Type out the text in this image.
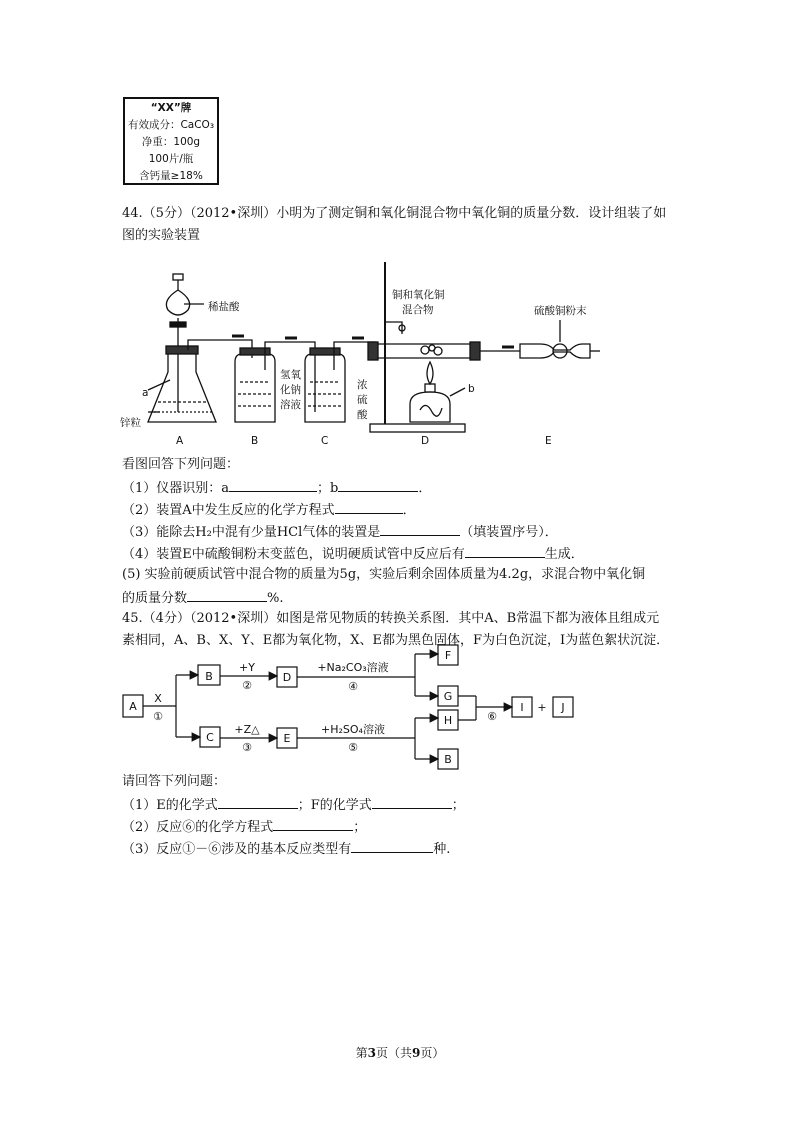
“XX”牌
有效成分：CaCO₃
净重：100g
100片/瓶
含钙量≥18%
44.（5分）（2012•深圳）小明为了测定铜和氧化铜混合物中氧化铜的质量分数．设计组装了如
图的实验装置
稀盐酸
a
锌粒
氢氧
化钠
溶液
浓
硫
酸
铜和氧化铜
混合物
b
硫酸铜粉末
A	B	C	D	E
看图回答下列问题：
（1）仪器识别：a	；b	．
（2）装置A中发生反应的化学方程式	．
（3）能除去H₂中混有少量HCl气体的装置是	（填装置序号）．
（4）装置E中硫酸铜粉末变蓝色，说明硬质试管中反应后有	生成．
(5) 实验前硬质试管中混合物的质量为5g，实验后剩余固体质量为4.2g，求混合物中氧化铜
的质量分数	%.
45.（4分）（2012•深圳）如图是常见物质的转换关系图．其中A、B常温下都为液体且组成元
素相同，A、B、X、Y、E都为氧化物，X、E都为黑色固体，F为白色沉淀，I为蓝色絮状沉淀．
A
B	D
F
G
H
I	J
+
C	E
B
X
①
+Y
②
+Z△
③
+Na₂CO₃溶液
④
+H₂SO₄溶液
⑤
⑥
请回答下列问题：
（1）E的化学式	；F的化学式	；
（2）反应⑥的化学方程式	；
（3）反应①－⑥涉及的基本反应类型有	种.
第3页（共9页）
